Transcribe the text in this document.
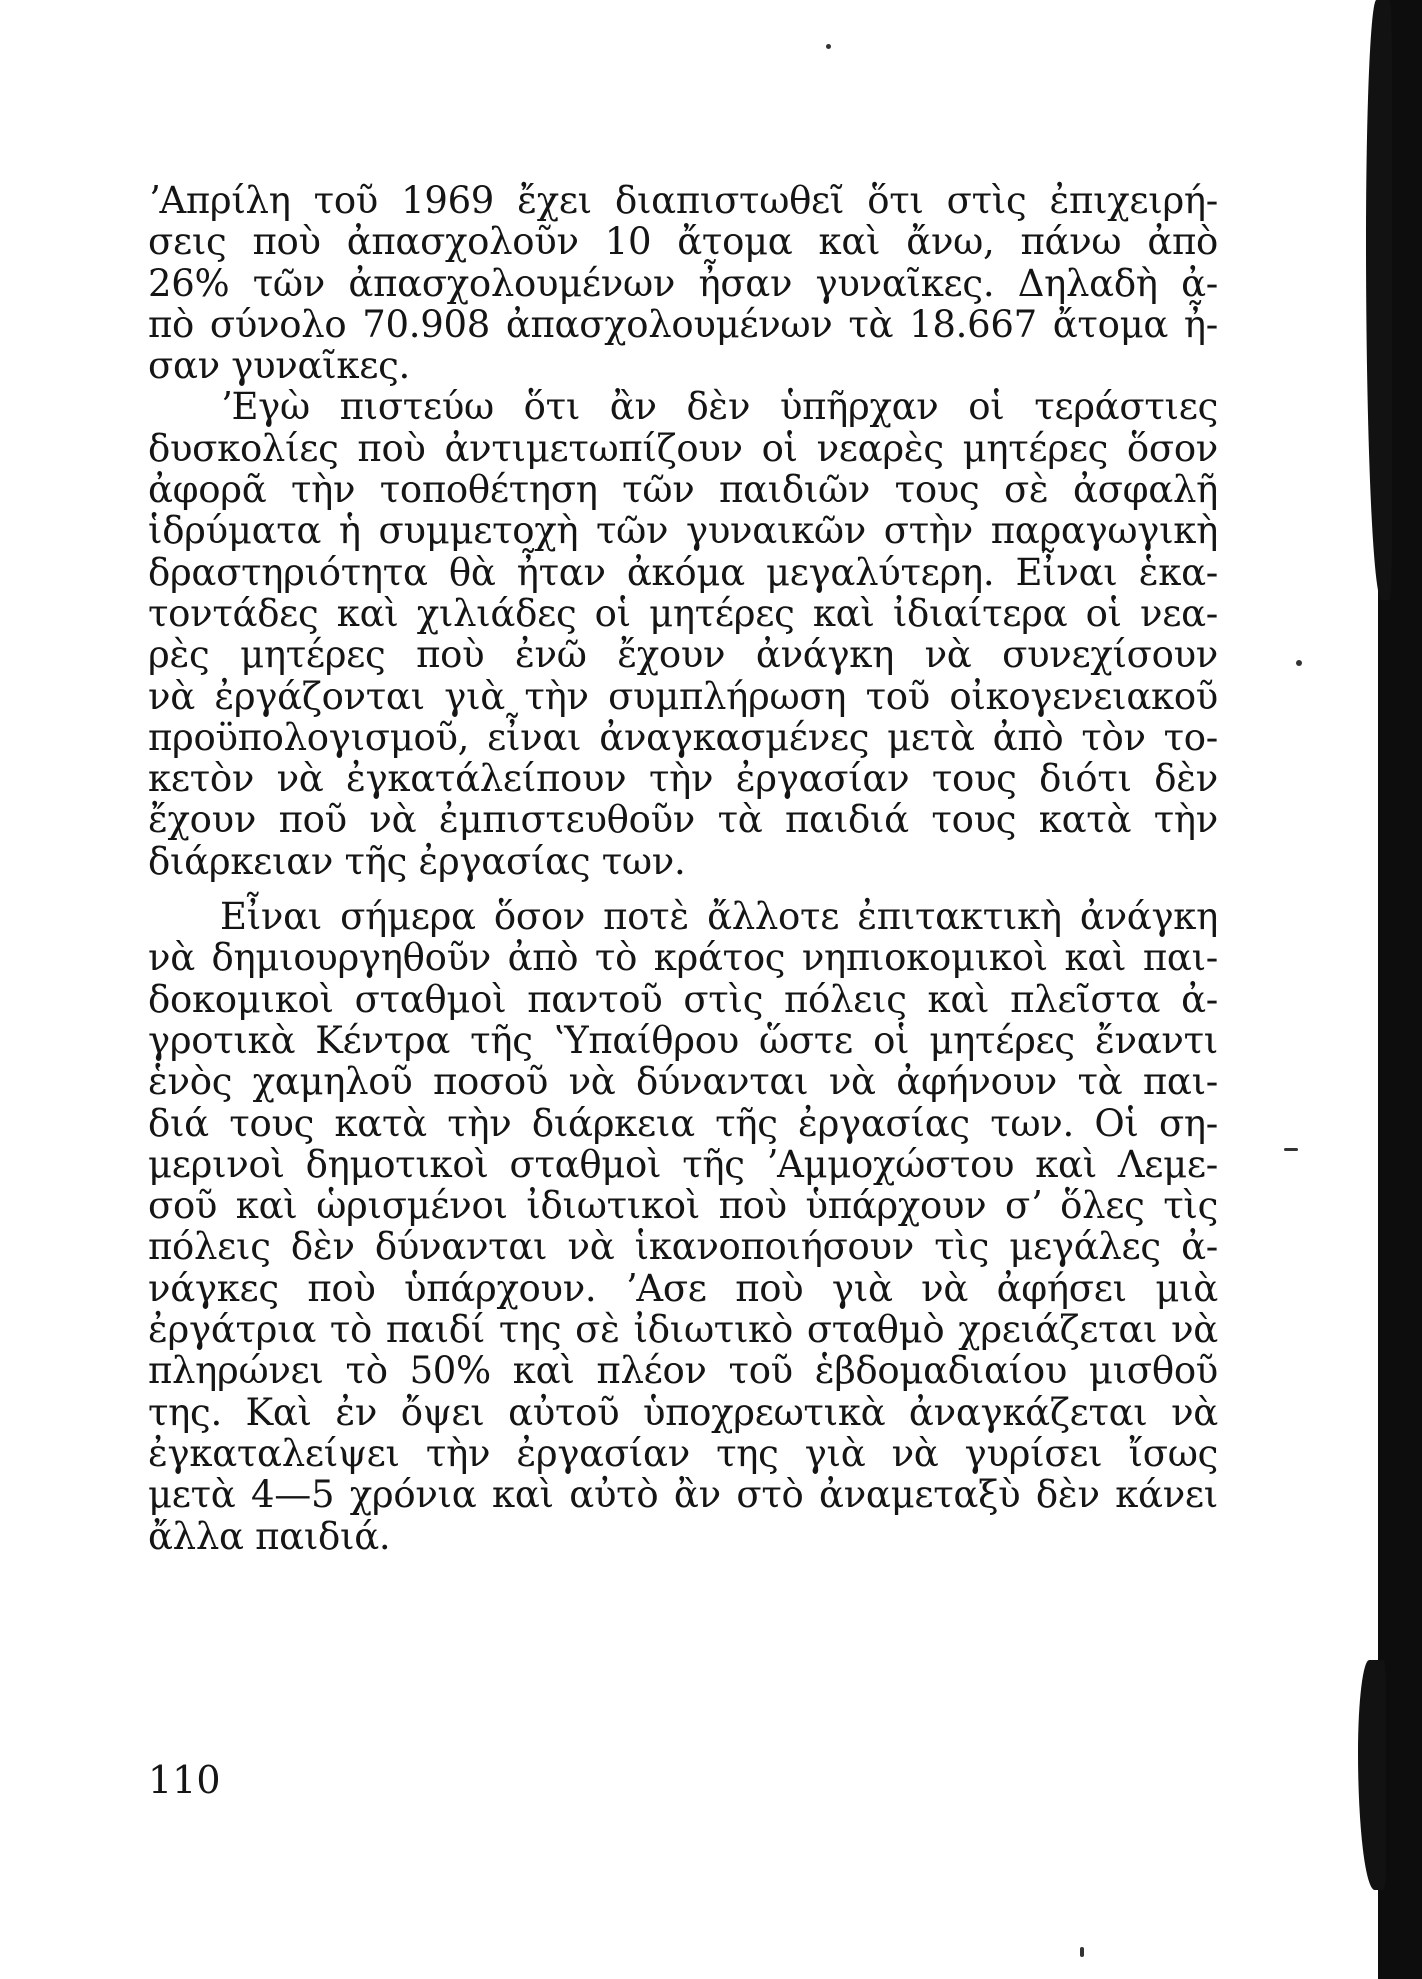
ʼΑπρίλη τοῦ 1969 ἔχει διαπιστωθεῖ ὅτι στὶς ἐπιχειρή-
σεις ποὺ ἀπασχολοῦν 10 ἄτομα καὶ ἄνω, πάνω ἀπὸ
26% τῶν ἀπασχολουμένων ἦσαν γυναῖκες. Δηλαδὴ ἀ-
πὸ σύνολο 70.908 ἀπασχολουμένων τὰ 18.667 ἄτομα ἦ-
σαν γυναῖκες.
ʼΕγὼ πιστεύω ὅτι ἂν δὲν ὑπῆρχαν οἱ τεράστιες
δυσκολίες ποὺ ἀντιμετωπίζουν οἱ νεαρὲς μητέρες ὅσον
ἀφορᾶ τὴν τοποθέτηση τῶν παιδιῶν τους σὲ ἀσφαλῆ
ἱδρύματα ἡ συμμετοχὴ τῶν γυναικῶν στὴν παραγωγικὴ
δραστηριότητα θὰ ἦταν ἀκόμα μεγαλύτερη. Εἶναι ἑκα-
τοντάδες καὶ χιλιάδες οἱ μητέρες καὶ ἰδιαίτερα οἱ νεα-
ρὲς μητέρες ποὺ ἐνῶ ἔχουν ἀνάγκη νὰ συνεχίσουν
νὰ ἐργάζονται γιὰ τὴν συμπλήρωση τοῦ οἰκογενειακοῦ
προϋπολογισμοῦ, εἶναι ἀναγκασμένες μετὰ ἀπὸ τὸν το-
κετὸν νὰ ἐγκατάλείπουν τὴν ἐργασίαν τους διότι δὲν
ἔχουν ποῦ νὰ ἐμπιστευθοῦν τὰ παιδιά τους κατὰ τὴν
διάρκειαν τῆς ἐργασίας των.
Εἶναι σήμερα ὅσον ποτὲ ἄλλοτε ἐπιτακτικὴ ἀνάγκη
νὰ δημιουργηθοῦν ἀπὸ τὸ κράτος νηπιοκομικοὶ καὶ παι-
δοκομικοὶ σταθμοὶ παντοῦ στὶς πόλεις καὶ πλεῖστα ἀ-
γροτικὰ Κέντρα τῆς ʽΥπαίθρου ὥστε οἱ μητέρες ἔναντι
ἑνὸς χαμηλοῦ ποσοῦ νὰ δύνανται νὰ ἀφήνουν τὰ παι-
διά τους κατὰ τὴν διάρκεια τῆς ἐργασίας των. Οἱ ση-
μερινοὶ δημοτικοὶ σταθμοὶ τῆς ʼΑμμοχώστου καὶ Λεμε-
σοῦ καὶ ὡρισμένοι ἰδιωτικοὶ ποὺ ὑπάρχουν σʼ ὅλες τὶς
πόλεις δὲν δύνανται νὰ ἱκανοποιήσουν τὶς μεγάλες ἀ-
νάγκες ποὺ ὑπάρχουν. ʼΑσε ποὺ γιὰ νὰ ἀφήσει μιὰ
ἐργάτρια τὸ παιδί της σὲ ἰδιωτικὸ σταθμὸ χρειάζεται νὰ
πληρώνει τὸ 50% καὶ πλέον τοῦ ἑβδομαδιαίου μισθοῦ
της. Καὶ ἐν ὄψει αὐτοῦ ὑποχρεωτικὰ ἀναγκάζεται νὰ
ἐγκαταλείψει τὴν ἐργασίαν της γιὰ νὰ γυρίσει ἴσως
μετὰ 4—5 χρόνια καὶ αὐτὸ ἂν στὸ ἀναμεταξὺ δὲν κάνει
ἄλλα παιδιά.
110
